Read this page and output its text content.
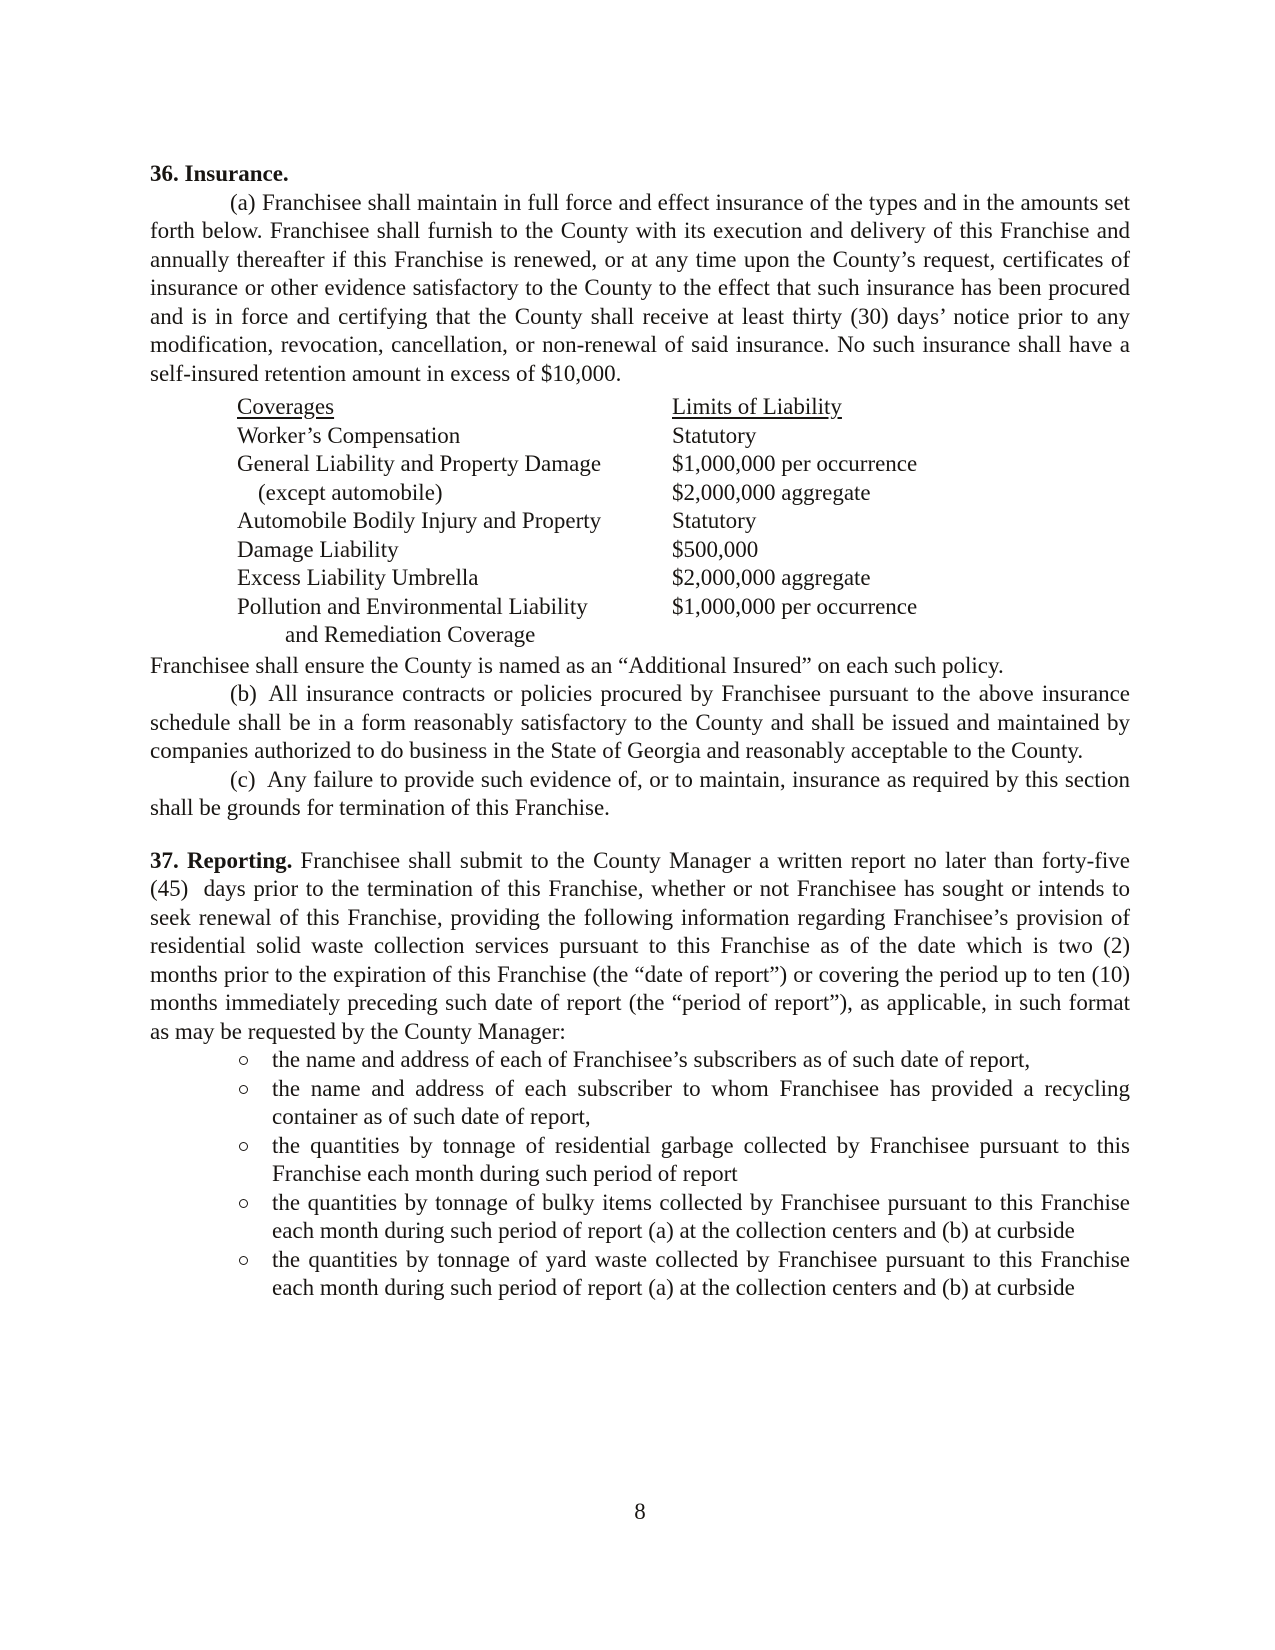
36. Insurance.

(a) Franchisee shall maintain in full force and effect insurance of the types and in the amounts set forth below. Franchisee shall furnish to the County with its execution and delivery of this Franchise and annually thereafter if this Franchise is renewed, or at any time upon the County’s request, certificates of insurance or other evidence satisfactory to the County to the effect that such insurance has been procured and is in force and certifying that the County shall receive at least thirty (30) days’ notice prior to any modification, revocation, cancellation, or non-renewal of said insurance. No such insurance shall have a self-insured retention amount in excess of $10,000.

Coverages	Limits of Liability
Worker’s Compensation	Statutory
General Liability and Property Damage	$1,000,000 per occurrence
(except automobile)	$2,000,000 aggregate
Automobile Bodily Injury and Property	Statutory
Damage Liability	$500,000
Excess Liability Umbrella	$2,000,000 aggregate
Pollution and Environmental Liability	$1,000,000 per occurrence
and Remediation Coverage

Franchisee shall ensure the County is named as an “Additional Insured” on each such policy.

(b) All insurance contracts or policies procured by Franchisee pursuant to the above insurance schedule shall be in a form reasonably satisfactory to the County and shall be issued and maintained by companies authorized to do business in the State of Georgia and reasonably acceptable to the County.

(c) Any failure to provide such evidence of, or to maintain, insurance as required by this section shall be grounds for termination of this Franchise.

37. Reporting. Franchisee shall submit to the County Manager a written report no later than forty-five (45)  days prior to the termination of this Franchise, whether or not Franchisee has sought or intends to seek renewal of this Franchise, providing the following information regarding Franchisee’s provision of residential solid waste collection services pursuant to this Franchise as of the date which is two (2) months prior to the expiration of this Franchise (the “date of report”) or covering the period up to ten (10) months immediately preceding such date of report (the “period of report”), as applicable, in such format as may be requested by the County Manager:

the name and address of each of Franchisee’s subscribers as of such date of report,
the name and address of each subscriber to whom Franchisee has provided a recycling container as of such date of report,
the quantities by tonnage of residential garbage collected by Franchisee pursuant to this Franchise each month during such period of report
the quantities by tonnage of bulky items collected by Franchisee pursuant to this Franchise each month during such period of report (a) at the collection centers and (b) at curbside
the quantities by tonnage of yard waste collected by Franchisee pursuant to this Franchise each month during such period of report (a) at the collection centers and (b) at curbside
8
